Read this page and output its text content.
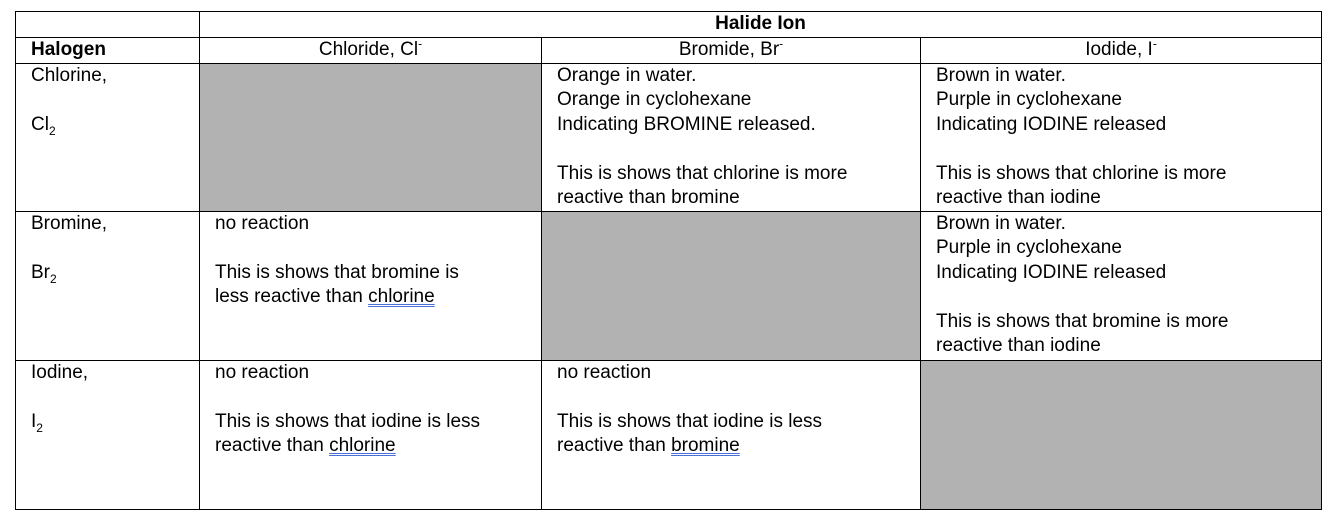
	Halide Ion		
Halogen	Chloride, Cl-	Bromide, Br-	Iodide, I-

Chlorine,
$Cl_2$		Orange in water.
Orange in cyclohexane
Indicating BROMINE released.
This is shows that chlorine is more
reactive than bromine	Brown in water.
Purple in cyclohexane
Indicating IODINE released
This is shows that chlorine is more
reactive than iodine

Bromine,
$Br_2$	no reaction
This is shows that bromine is
less reactive than chlorine		Brown in water.
Purple in cyclohexane
Indicating IODINE released
This is shows that bromine is more
reactive than iodine

Iodine,
$I_2$	no reaction
This is shows that iodine is less
reactive than chlorine	no reaction
This is shows that iodine is less
reactive than bromine	
